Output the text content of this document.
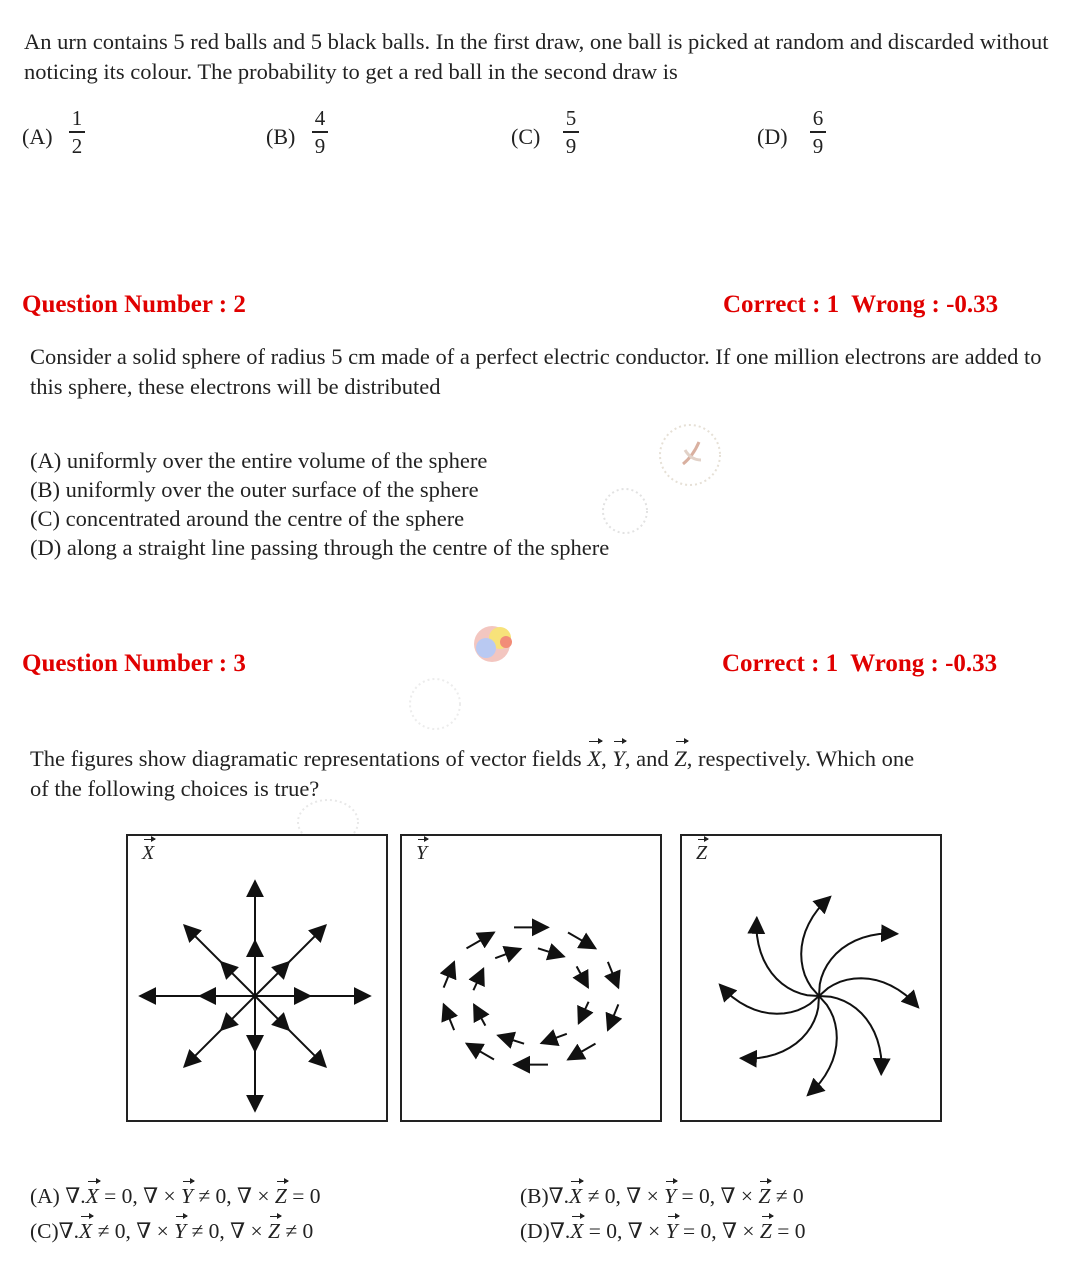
An urn contains 5 red balls and 5 black balls. In the first draw, one ball is picked at random and discarded without noticing its colour. The probability to get a red ball in the second draw is
(A)
1
2	(B)
4
9	(C)
5
9	(D)
6
9
Question Number : 2	Correct : 1  Wrong : -0.33
Consider a solid sphere of radius 5 cm made of a perfect electric conductor. If one million electrons are added to this sphere, these electrons will be distributed
(A) uniformly over the entire volume of the sphere
(B) uniformly over the outer surface of the sphere
(C) concentrated around the centre of the sphere
(D) along a straight line passing through the centre of the sphere
Question Number : 3	Correct : 1  Wrong : -0.33
The figures show diagramatic representations of vector fields X, Y, and Z, respectively. Which one
of the following choices is true?
X	Y	Z
(A) ∇.X = 0, ∇ × Y ≠ 0, ∇ × Z = 0	(B)∇.X ≠ 0, ∇ × Y = 0, ∇ × Z ≠ 0
(C)∇.X ≠ 0, ∇ × Y ≠ 0, ∇ × Z ≠ 0	(D)∇.X = 0, ∇ × Y = 0, ∇ × Z = 0
